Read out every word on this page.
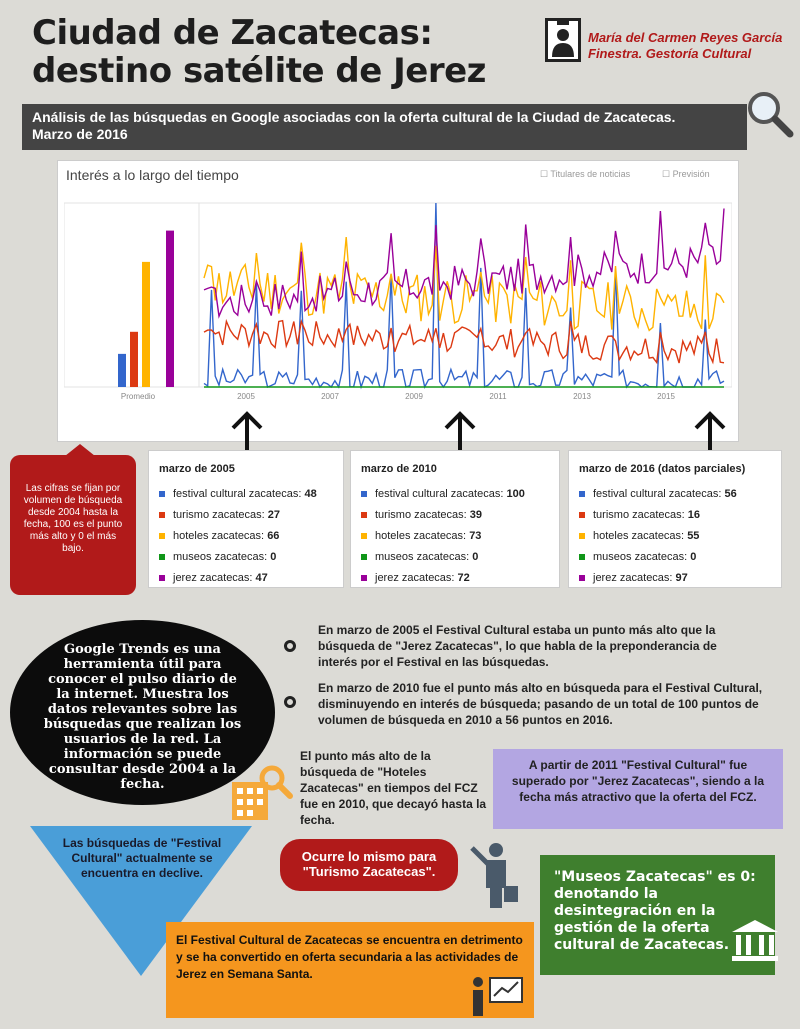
Ciudad de Zacatecas:
destino satélite de Jerez
María del Carmen Reyes García
Finestra. Gestoría Cultural
Análisis de las búsquedas en Google asociadas con la oferta cultural de la Ciudad de Zacatecas.
Marzo de 2016
Interés a lo largo del tiempo	☐ Titulares de noticias	☐ Previsión
Promedio	2005	2007	2009	2011	2013	2015
marzo de 2005
festival cultural zacatecas: 48
turismo zacatecas: 27
hoteles zacatecas: 66
museos zacatecas: 0
jerez zacatecas: 47
marzo de 2010
festival cultural zacatecas: 100
turismo zacatecas: 39
hoteles zacatecas: 73
museos zacatecas: 0
jerez zacatecas: 72
marzo de 2016 (datos parciales)
festival cultural zacatecas: 56
turismo zacatecas: 16
hoteles zacatecas: 55
museos zacatecas: 0
jerez zacatecas: 97
Las cifras se fijan por volumen de búsqueda desde 2004 hasta la fecha, 100 es el punto más alto y 0 el más bajo.
Google Trends es una herramienta útil para conocer el pulso diario de la internet. Muestra los datos relevantes sobre las búsquedas que realizan los usuarios de la red. La información se puede consultar desde 2004 a la fecha.
En marzo de 2005 el Festival Cultural estaba un punto más alto que la búsqueda de "Jerez Zacatecas", lo que habla de la preponderancia de interés por el Festival en las búsquedas.
En marzo de 2010 fue el punto más alto en búsqueda para el Festival Cultural, disminuyendo en interés de búsqueda; pasando de un total de 100 puntos de volumen de búsqueda en 2010 a 56 puntos en 2016.
El punto más alto de la búsqueda de "Hoteles Zacatecas" en tiempos del FCZ fue en 2010, que decayó hasta la fecha.
A partir de 2011 "Festival Cultural" fue superado por "Jerez Zacatecas", siendo a la fecha más atractivo que la oferta del FCZ.
Las búsquedas de "Festival Cultural" actualmente se encuentra en declive.
Ocurre lo mismo para "Turismo Zacatecas".	"Museos Zacatecas" es 0: denotando la desintegración en la gestión de la oferta cultural de Zacatecas.
El Festival Cultural de Zacatecas se encuentra en detrimento y se ha convertido en oferta secundaria a las actividades de Jerez en Semana Santa.
